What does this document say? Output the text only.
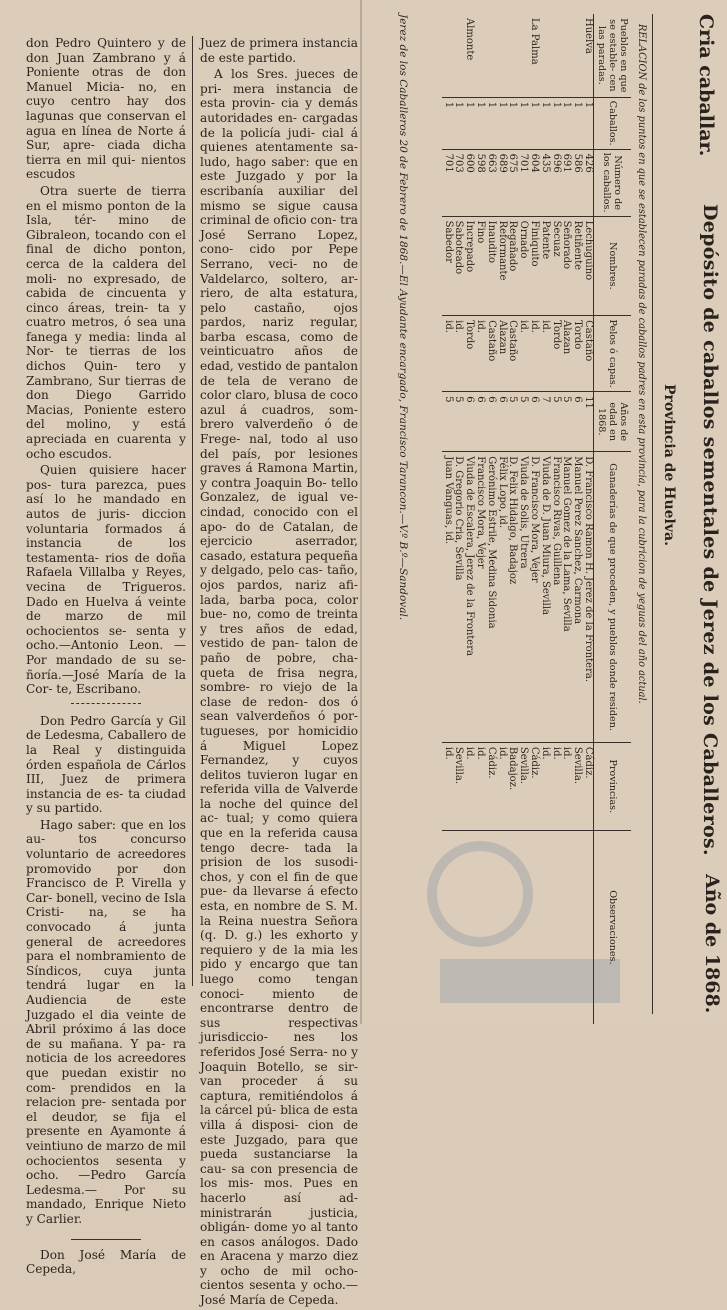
don Pedro Quintero y de don Juan Zambrano y á Poniente otras de don Manuel Micia- no, en cuyo centro hay dos lagunas que conservan el agua en línea de Norte á Sur, apre- ciada dicha tierra en mil qui- nientos escudos

Otra suerte de tierra en el mismo ponton de la Isla, tér- mino de Gibraleon, tocando con el final de dicho ponton, cerca de la caldera del moli- no expresado, de cabida de cincuenta y cinco áreas, trein- ta y cuatro metros, ó sea una fanega y media: linda al Nor- te tierras de los dichos Quin- tero y Zambrano, Sur tierras de don Diego Garrido Macias, Poniente estero del molino, y está apreciada en cuarenta y ocho escudos.

Quien quisiere hacer pos- tura parezca, pues así lo he mandado en autos de juris- diccion voluntaria formados á instancia de los testamenta- rios de doña Rafaela Villalba y Reyes, vecina de Trigueros. Dado en Huelva á veinte de marzo de mil ochocientos se- senta y ocho.—Antonio Leon. —Por mandado de su se- ñoría.—José María de la Cor- te, Escribano.

Don Pedro García y Gil de Ledesma, Caballero de la Real y distinguida órden española de Cárlos III, Juez de primera instancia de es- ta ciudad y su partido.

Hago saber: que en los au- tos concurso voluntario de acreedores promovido por don Francisco de P. Virella y Car- bonell, vecino de Isla Cristi- na, se ha convocado á junta general de acreedores para el nombramiento de Síndicos, cuya junta tendrá lugar en la Audiencia de este Juzgado el dia veinte de Abril próximo á las doce de su mañana. Y pa- ra noticia de los acreedores que puedan existir no com- prendidos en la relacion pre- sentada por el deudor, se fija el presente en Ayamonte á veintiuno de marzo de mil ochocientos sesenta y ocho. —Pedro García Ledesma.— Por su mandado, Enrique Nieto y Carlier.

Don José María de Cepeda,

Juez de primera instancia de este partido.

A los Sres. jueces de pri- mera instancia de esta provin- cia y demás autoridades en- cargadas de la policía judi- cial á quienes atentamente sa- ludo, hago saber: que en este Juzgado y por la escribanía auxiliar del mismo se sigue causa criminal de oficio con- tra José Serrano Lopez, cono- cido por Pepe Serrano, veci- no de Valdelarco, soltero, ar- riero, de alta estatura, pelo castaño, ojos pardos, nariz regular, barba escasa, como de veinticuatro años de edad, vestido de pantalon de tela de verano de color claro, blusa de coco azul á cuadros, som- brero valverdeño ó de Frege- nal, todo al uso del país, por lesiones graves á Ramona Martin, y contra Joaquin Bo- tello Gonzalez, de igual ve- cindad, conocido con el apo- do de Catalan, de ejercicio aserrador, casado, estatura pequeña y delgado, pelo cas- taño, ojos pardos, nariz afi- lada, barba poca, color bue- no, como de treinta y tres años de edad, vestido de pan- talon de paño de pobre, cha- queta de frisa negra, sombre- ro viejo de la clase de redon- dos ó sean valverdeños ó por- tugueses, por homicidio á Miguel Lopez Fernandez, y cuyos delitos tuvieron lugar en referida villa de Valverde la noche del quince del ac- tual; y como quiera que en la referida causa tengo decre- tada la prision de los susodi- chos, y con el fin de que pue- da llevarse á efecto esta, en nombre de S. M. la Reina nuestra Señora (q. D. g.) les exhorto y requiero y de la mia les pido y encargo que tan luego como tengan conoci- miento de encontrarse dentro de sus respectivas jurisdiccio- nes los referidos José Serra- no y Joaquin Botello, se sir- van proceder á su captura, remitiéndolos á la cárcel pú- blica de esta villa á disposi- cion de este Juzgado, para que pueda sustanciarse la cau- sa con presencia de los mis- mos. Pues en hacerlo así ad- ministrarán justicia, obligán- dome yo al tanto en casos análogos. Dado en Aracena y marzo diez y ocho de mil ocho- cientos sesenta y ocho.—José María de Cepeda.

Cria caballar.
Depósito de caballos sementales de Jerez de los Caballeros.
Año de 1868.
Provincia de Huelva.
RELACION de los puntos en que se establecen paradas de caballos padres en esta provincia, para la cubricion de yeguas del año actual.
Pueblos en que se estable- cen las paradas.	Caballos.	Número de los caballos.	Nombres.	Pelos ó capas.	Años de edad en 1868.	Ganaderías de que proceden, y pueblos donde residen.	Provincias.	Observaciones.
Huelva	1	426	Lechuguino	Castaño	11	D. Francisco Ramon H. Jerez de la Frontera.	Cádiz.	
	1	586	Retiñente	Tordo	6	Manuel Perez Sanchez, Carmona	Sevilla.	
	1	691	Señorado	Alazan	5	Manuel Gomez de la Lama, Sevilla	id.	
	1	696	Secuaz	Tordo	5	Francisco Rivas, Guillena	id.	
	1	435	Patente	id.	7	Viuda de D. Juan Miura, Sevilla	id.	
La Palma	1	604	Finiquito	id.	6	D. Francisco Mora, Vejer	Cádiz.	
	1	701	Ornado	id.	5	Viuda de Solis, Utrera	Sevilla.	
	1	675	Regañado	Castaño	5	D. Felix Hidalgo, Badajoz	Badajoz.	
	1	689	Reformante	Alazan	6	Félix Lopo, id.	id.	
	1	663	Inaudito	Castaño	6	Gerónimo Estrile, Medina Sidonia	Cádiz.	
	1	598	Fino	id.	6	Francisco Mora, Vejer	id.	
Almonte	1	600	Increpado	Tordo	6	Viuda de Escalera, Jerez de la Frontera	id.	
	1	703	Saboteado	id.	5	D. Gregorio Cria, Sevilla	Sevilla.	
	1	701	Sabedor	id.	5	Juan Vanguas, id.	id.	
Jerez de los Caballeros 20 de Febrero de 1868.—El Ayudante encargado, Francisco Tarancon.—V.º B.º—Sandoval.
